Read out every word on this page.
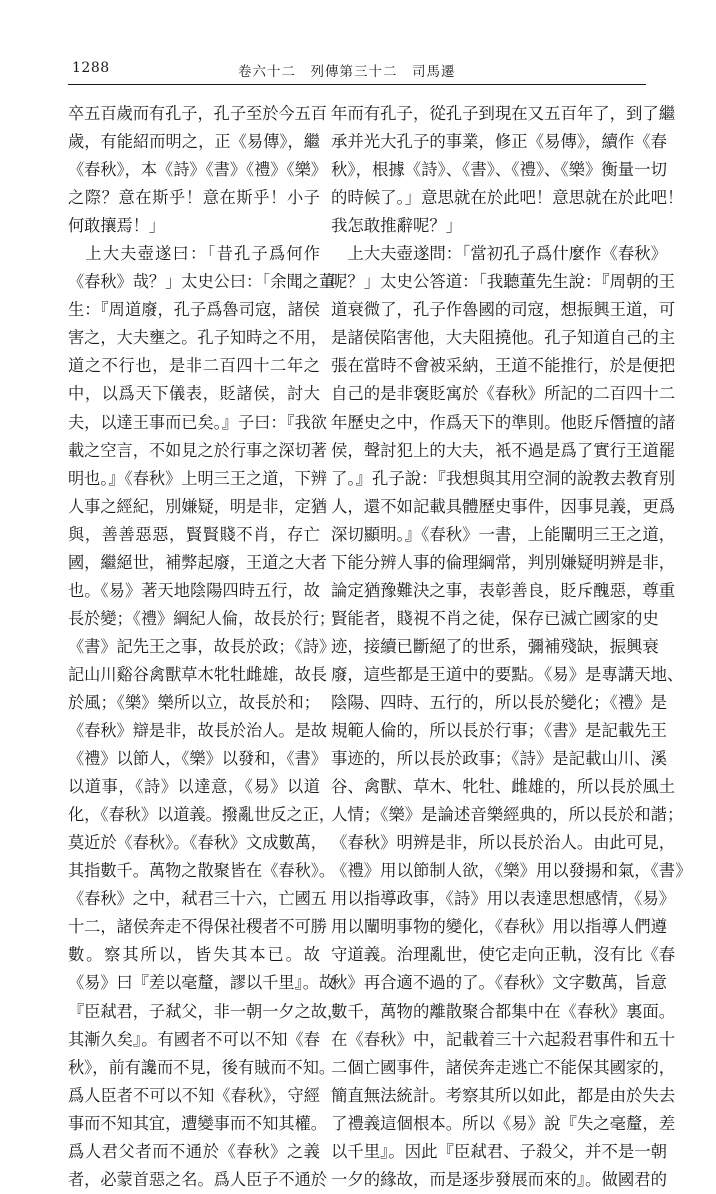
1288	卷六十二　列傳第三十二　司馬遷
卒五百歲而有孔子，孔子至於今五百
歲，有能紹而明之，正《易傳》，繼
《春秋》，本《詩》《書》《禮》《樂》
之際？意在斯乎！意在斯乎！小子
何敢攘焉！」
　上大夫壺遂曰：「昔孔子爲何作
《春秋》哉？」太史公曰：「余聞之董
生：『周道廢，孔子爲魯司寇，諸侯
害之，大夫壅之。孔子知時之不用，
道之不行也，是非二百四十二年之
中，以爲天下儀表，貶諸侯，討大
夫，以達王事而已矣。』子曰：『我欲
載之空言，不如見之於行事之深切著
明也。』《春秋》上明三王之道，下辨
人事之經紀，別嫌疑，明是非，定猶
與，善善惡惡，賢賢賤不肖，存亡
國，繼絕世，補弊起廢，王道之大者
也。《易》著天地陰陽四時五行，故
長於變；《禮》綱紀人倫，故長於行；
《書》記先王之事，故長於政；《詩》
記山川谿谷禽獸草木牝牡雌雄，故長
於風；《樂》樂所以立，故長於和；
《春秋》辯是非，故長於治人。是故
《禮》以節人，《樂》以發和，《書》
以道事，《詩》以達意，《易》以道
化，《春秋》以道義。撥亂世反之正，
莫近於《春秋》。《春秋》文成數萬，
其指數千。萬物之散聚皆在《春秋》。
《春秋》之中，弒君三十六，亡國五
十二，諸侯奔走不得保社稷者不可勝
數。察其所以，皆失其本已。故
《易》曰『差以毫釐，謬以千里』。故
『臣弒君，子弒父，非一朝一夕之故，
其漸久矣』。有國者不可以不知《春
秋》，前有讒而不見，後有賊而不知。
爲人臣者不可以不知《春秋》，守經
事而不知其宜，遭變事而不知其權。
爲人君父者而不通於《春秋》之義
者，必蒙首惡之名。爲人臣子不通於
年而有孔子，從孔子到現在又五百年了，到了繼
承并光大孔子的事業，修正《易傳》，續作《春
秋》，根據《詩》、《書》、《禮》、《樂》衡量一切
的時候了。」意思就在於此吧！意思就在於此吧！
我怎敢推辭呢？」
　上大夫壺遂問：「當初孔子爲什麼作《春秋》
呢？」太史公答道：「我聽董先生說：『周朝的王
道衰微了，孔子作魯國的司寇，想振興王道，可
是諸侯陷害他，大夫阻撓他。孔子知道自己的主
張在當時不會被采納，王道不能推行，於是便把
自己的是非褒貶寓於《春秋》所記的二百四十二
年歷史之中，作爲天下的準則。他貶斥僭擅的諸
侯，聲討犯上的大夫，衹不過是爲了實行王道罷
了。』孔子說：『我想與其用空洞的說教去教育別
人，還不如記載具體歷史事件，因事見義，更爲
深切顯明。』《春秋》一書，上能闡明三王之道，
下能分辨人事的倫理綱常，判別嫌疑明辨是非，
論定猶豫難決之事，表彰善良，貶斥醜惡，尊重
賢能者，賤視不肖之徒，保存已滅亡國家的史
迹，接續已斷絕了的世系，彌補殘缺，振興衰
廢，這些都是王道中的要點。《易》是專講天地、
陰陽、四時、五行的，所以長於變化；《禮》是
規範人倫的，所以長於行事；《書》是記載先王
事迹的，所以長於政事；《詩》是記載山川、溪
谷、禽獸、草木、牝牡、雌雄的，所以長於風土
人情；《樂》是論述音樂經典的，所以長於和諧；
《春秋》明辨是非，所以長於治人。由此可見，
《禮》用以節制人欲，《樂》用以發揚和氣，《書》
用以指導政事，《詩》用以表達思想感情，《易》
用以闡明事物的變化，《春秋》用以指導人們遵
守道義。治理亂世，使它走向正軌，沒有比《春
秋》再合適不過的了。《春秋》文字數萬，旨意
數千，萬物的離散聚合都集中在《春秋》裏面。
在《春秋》中，記載着三十六起殺君事件和五十
二個亡國事件，諸侯奔走逃亡不能保其國家的，
簡直無法統計。考察其所以如此，都是由於失去
了禮義這個根本。所以《易》說『失之毫釐，差
以千里』。因此『臣弒君、子殺父，并不是一朝
一夕的緣故，而是逐步發展而來的』。做國君的
